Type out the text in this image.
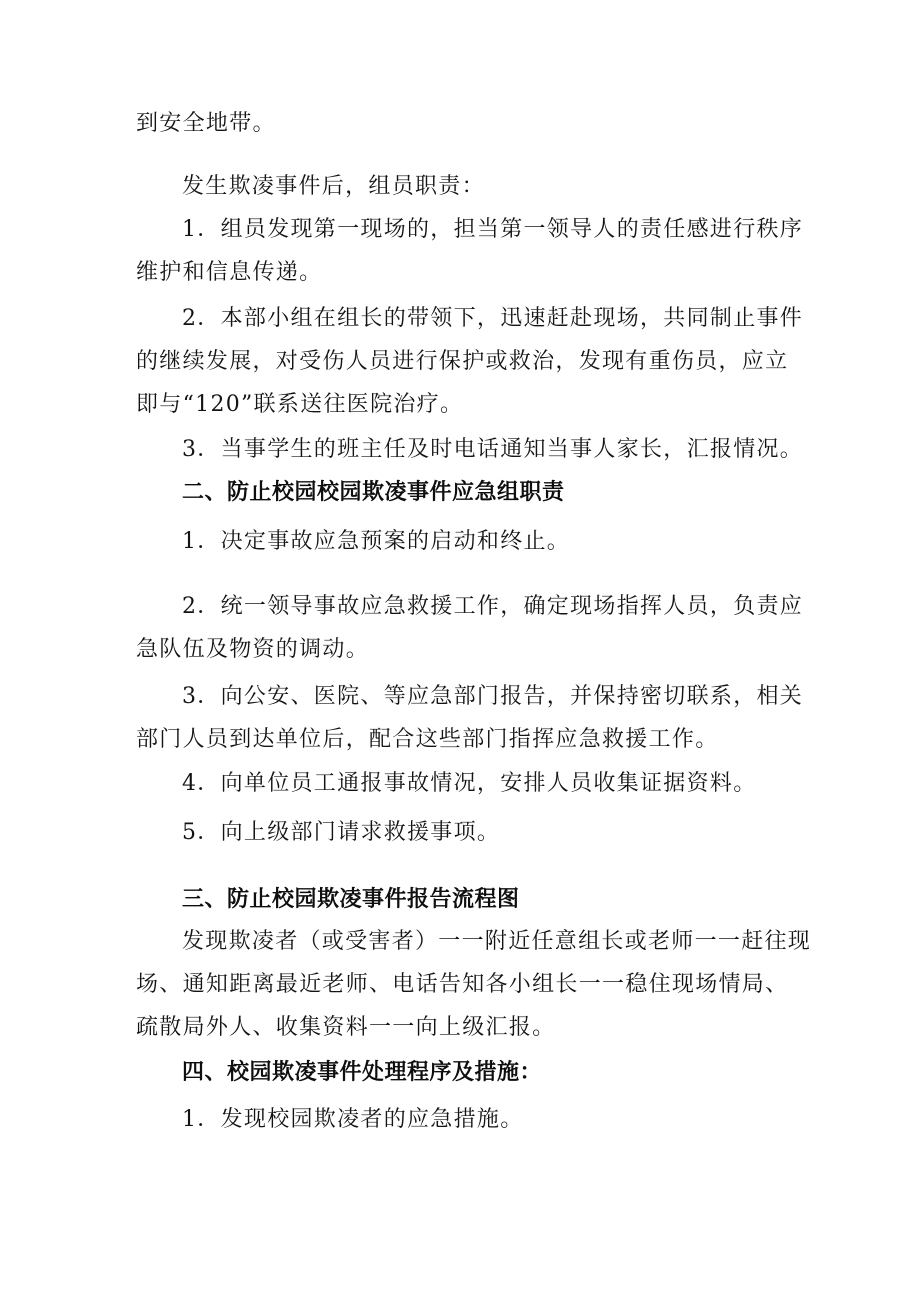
到安全地带。
发生欺凌事件后，组员职责：
1．组员发现第一现场的，担当第一领导人的责任感进行秩序
维护和信息传递。
2．本部小组在组长的带领下，迅速赶赴现场，共同制止事件
的继续发展，对受伤人员进行保护或救治，发现有重伤员，应立
即与“120”联系送往医院治疗。
3．当事学生的班主任及时电话通知当事人家长，汇报情况。
二、防止校园校园欺凌事件应急组职责
1．决定事故应急预案的启动和终止。
2．统一领导事故应急救援工作，确定现场指挥人员，负责应
急队伍及物资的调动。
3．向公安、医院、等应急部门报告，并保持密切联系，相关
部门人员到达单位后，配合这些部门指挥应急救援工作。
4．向单位员工通报事故情况，安排人员收集证据资料。
5．向上级部门请求救援事项。
三、防止校园欺凌事件报告流程图
发现欺凌者（或受害者）一一附近任意组长或老师一一赶往现
场、通知距离最近老师、电话告知各小组长一一稳住现场情局、
疏散局外人、收集资料一一向上级汇报。
四、校园欺凌事件处理程序及措施：
1．发现校园欺凌者的应急措施。
